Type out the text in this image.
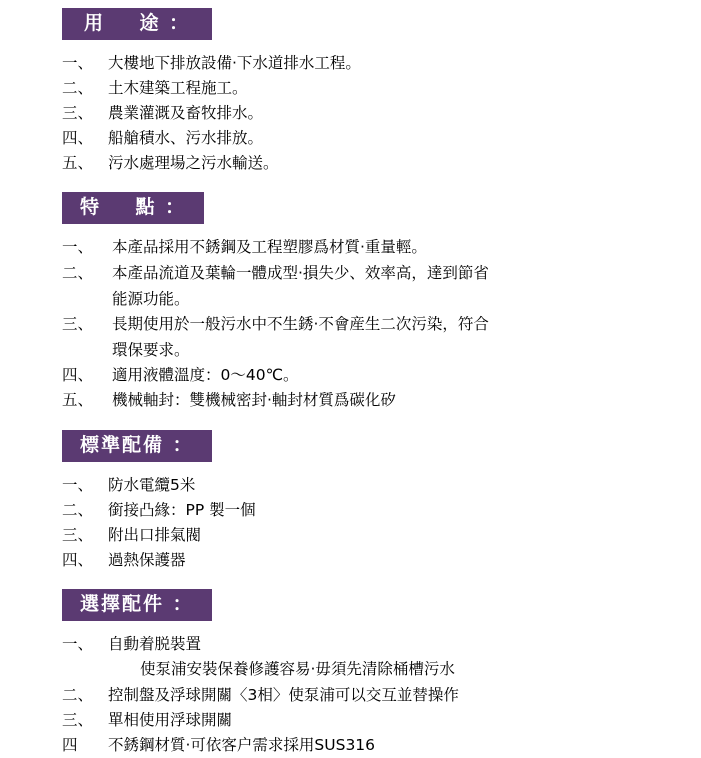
用    途 ：
一、 大樓地下排放設備‧下水道排水工程。
二、 土木建築工程施工。
三、 農業灌溉及畜牧排水。
四、 船艙積水、污水排放。
五、 污水處理場之污水輸送。
特    點 ：
一、	本產品採用不銹鋼及工程塑膠爲材質‧重量輕。
二、	本產品流道及葉輪一體成型‧損失少、效率高，達到節省
能源功能。
三、	長期使用於一般污水中不生銹‧不會産生二次污染，符合
環保要求。
四、	適用液體溫度：0〜40℃。
五、	機械軸封：雙機械密封‧軸封材質爲碳化矽
標準配備 ：
一、 防水電纜5米
二、 銜接凸緣：PP 製一個
三、 附出口排氣閥
四、 過熱保護器
選擇配件 ：
一、 自動着脱裝置
使泵浦安裝保養修護容易‧毋須先清除桶槽污水
二、 控制盤及浮球開關〈3相〉使泵浦可以交互並替操作
三、 單相使用浮球開關
四	不銹鋼材質‧可依客户需求採用SUS316
